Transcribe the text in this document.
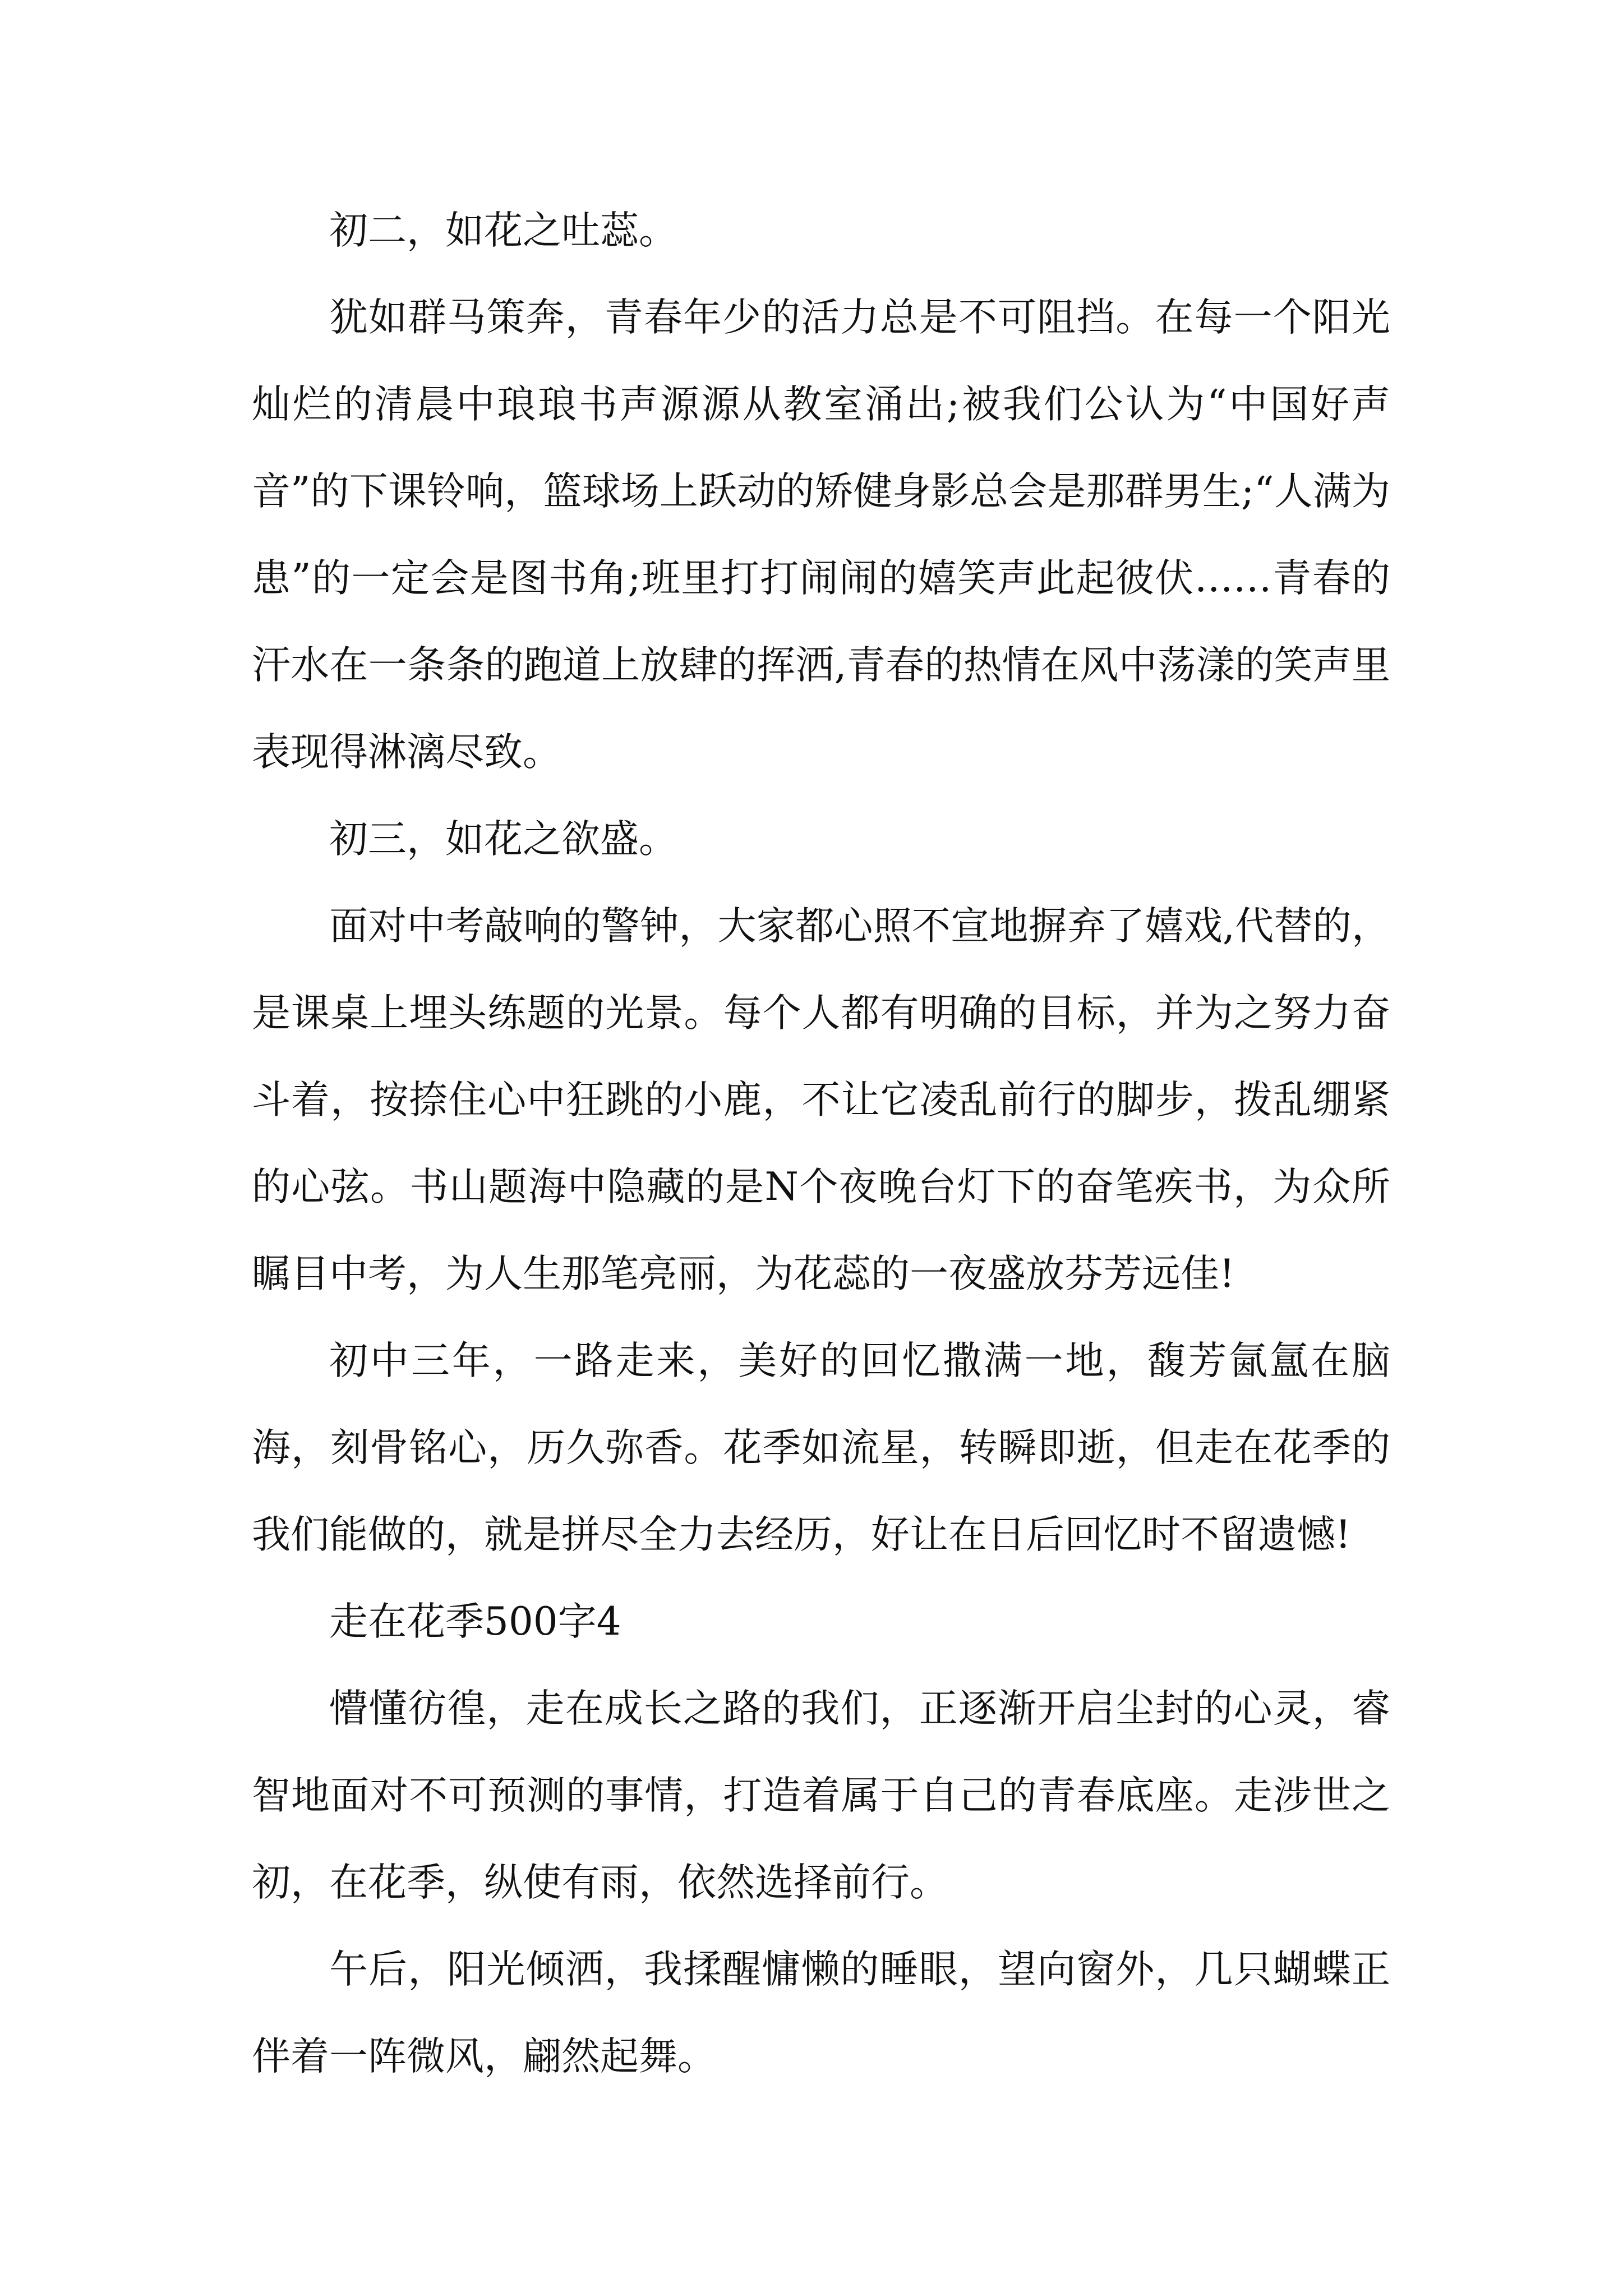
初二，如花之吐蕊。

犹如群马策奔，青春年少的活力总是不可阻挡。在每一个阳光灿烂的清晨中琅琅书声源源从教室涌出;被我们公认为“中国好声音”的下课铃响，篮球场上跃动的矫健身影总会是那群男生;“人满为患”的一定会是图书角;班里打打闹闹的嬉笑声此起彼伏……青春的汗水在一条条的跑道上放肆的挥洒,青春的热情在风中荡漾的笑声里表现得淋漓尽致。

初三，如花之欲盛。

面对中考敲响的警钟，大家都心照不宣地摒弃了嬉戏,代替的，是课桌上埋头练题的光景。每个人都有明确的目标，并为之努力奋斗着，按捺住心中狂跳的小鹿，不让它凌乱前行的脚步，拨乱绷紧的心弦。书山题海中隐藏的是N个夜晚台灯下的奋笔疾书，为众所瞩目中考，为人生那笔亮丽，为花蕊的一夜盛放芬芳远佳!

初中三年，一路走来，美好的回忆撒满一地，馥芳氤氲在脑海，刻骨铭心，历久弥香。花季如流星，转瞬即逝，但走在花季的我们能做的，就是拼尽全力去经历，好让在日后回忆时不留遗憾!

走在花季500字4

懵懂彷徨，走在成长之路的我们，正逐渐开启尘封的心灵，睿智地面对不可预测的事情，打造着属于自己的青春底座。走涉世之初，在花季，纵使有雨，依然选择前行。

午后，阳光倾洒，我揉醒慵懒的睡眼，望向窗外，几只蝴蝶正伴着一阵微风，翩然起舞。
